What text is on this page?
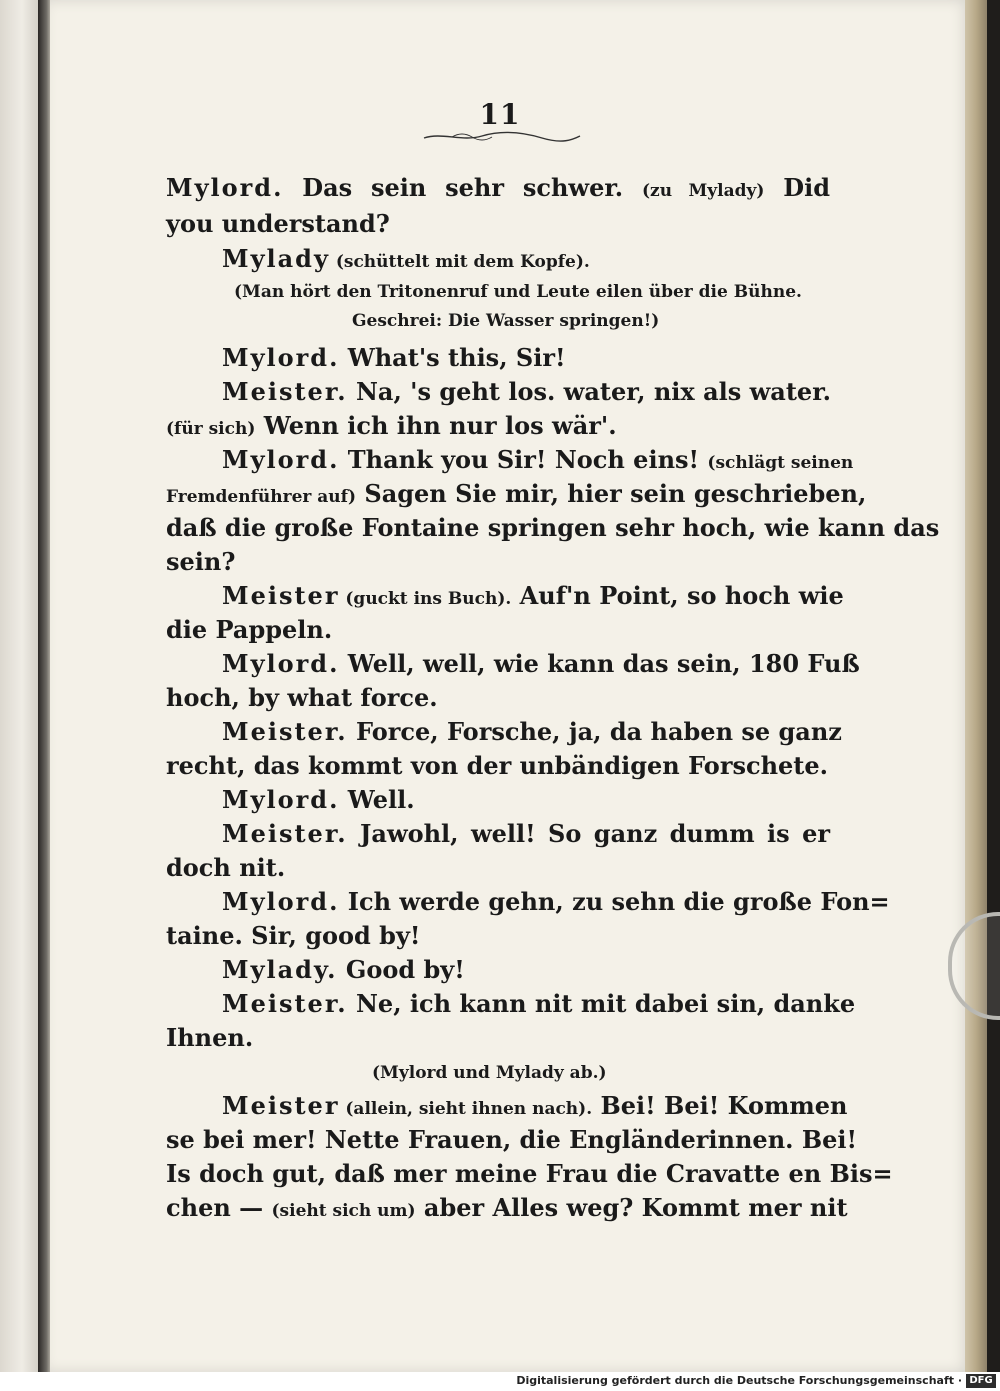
11
Mylord. Das sein sehr schwer. (zu Mylady) Did
you understand?
Mylady (schüttelt mit dem Kopfe).
(Man hört den Tritonenruf und Leute eilen über die Bühne.
Geschrei: Die Wasser springen!)
Mylord. What's this, Sir!
Meister. Na, 's geht los. water, nix als water.
(für sich) Wenn ich ihn nur los wär'.
Mylord. Thank you Sir! Noch eins! (schlägt seinen
Fremdenführer auf) Sagen Sie mir, hier sein geschrieben,
daß die große Fontaine springen sehr hoch, wie kann das
sein?
Meister (guckt ins Buch). Auf'n Point, so hoch wie
die Pappeln.
Mylord. Well, well, wie kann das sein, 180 Fuß
hoch, by what force.
Meister. Force, Forsche, ja, da haben se ganz
recht, das kommt von der unbändigen Forschete.
Mylord. Well.
Meister. Jawohl, well! So ganz dumm is er
doch nit.
Mylord. Ich werde gehn, zu sehn die große Fon=
taine. Sir, good by!
Mylady. Good by!
Meister. Ne, ich kann nit mit dabei sin, danke
Ihnen.
(Mylord und Mylady ab.)
Meister (allein, sieht ihnen nach). Bei! Bei! Kommen
se bei mer! Nette Frauen, die Engländerinnen. Bei!
Is doch gut, daß mer meine Frau die Cravatte en Bis=
chen — (sieht sich um) aber Alles weg? Kommt mer nit
Digitalisierung gefördert durch die Deutsche Forschungsgemeinschaft · DFG
